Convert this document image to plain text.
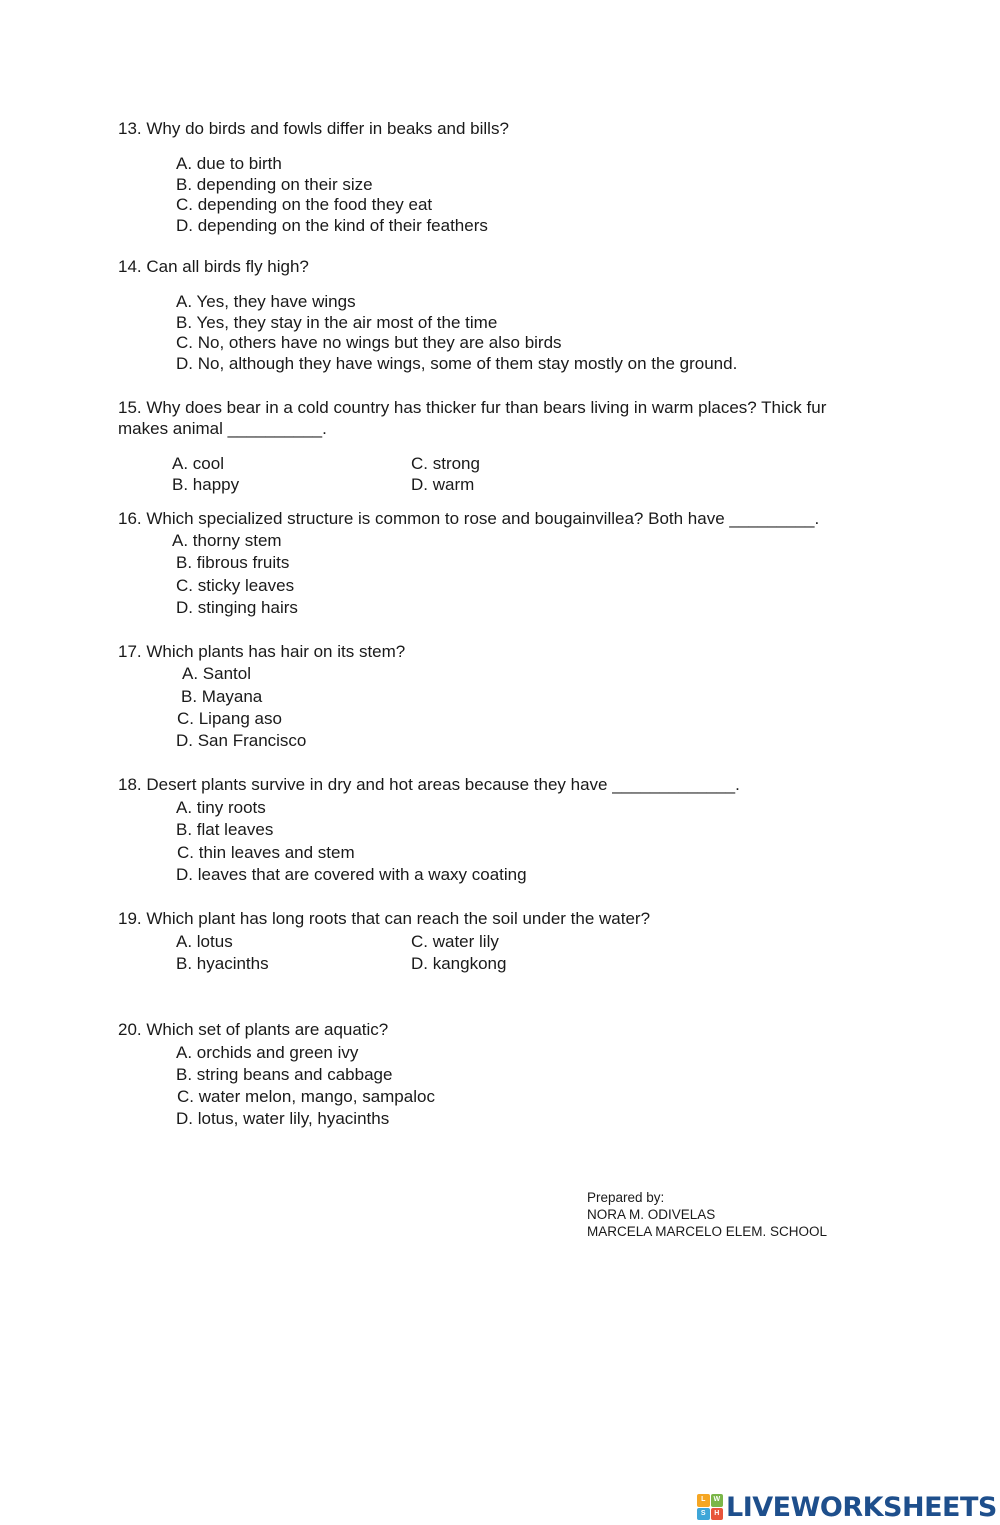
13. Why do birds and fowls differ in beaks and bills?

A. due to birth

B. depending on their size

C. depending on the food they eat

D. depending on the kind of their feathers

14. Can all birds fly high?

A. Yes, they have wings

B. Yes, they stay in the air most of the time

C. No, others have no wings but they are also birds

D. No, although they have wings, some of them stay mostly on the ground.

15. Why does bear in a cold country has thicker fur than bears living in warm places? Thick fur

makes animal __________.

A. cool

B. happy

C. strong

D. warm

16. Which specialized structure is common to rose and bougainvillea? Both have _________.

A. thorny stem

B. fibrous fruits

C. sticky leaves

D. stinging hairs

17. Which plants has hair on its stem?

A. Santol

B. Mayana

C. Lipang aso

D. San Francisco

18. Desert plants survive in dry and hot areas because they have _____________.

A. tiny roots

B. flat leaves

C. thin leaves and stem

D. leaves that are covered with a waxy coating

19. Which plant has long roots that can reach the soil under the water?

A. lotus

B. hyacinths

C. water lily

D. kangkong

20. Which set of plants are aquatic?

A. orchids and green ivy

B. string beans and cabbage

C. water melon, mango, sampaloc

D. lotus, water lily, hyacinths

Prepared by:
NORA M. ODIVELAS
MARCELA MARCELO ELEM. SCHOOL
L	W
S	H LIVEWORKSHEETS
